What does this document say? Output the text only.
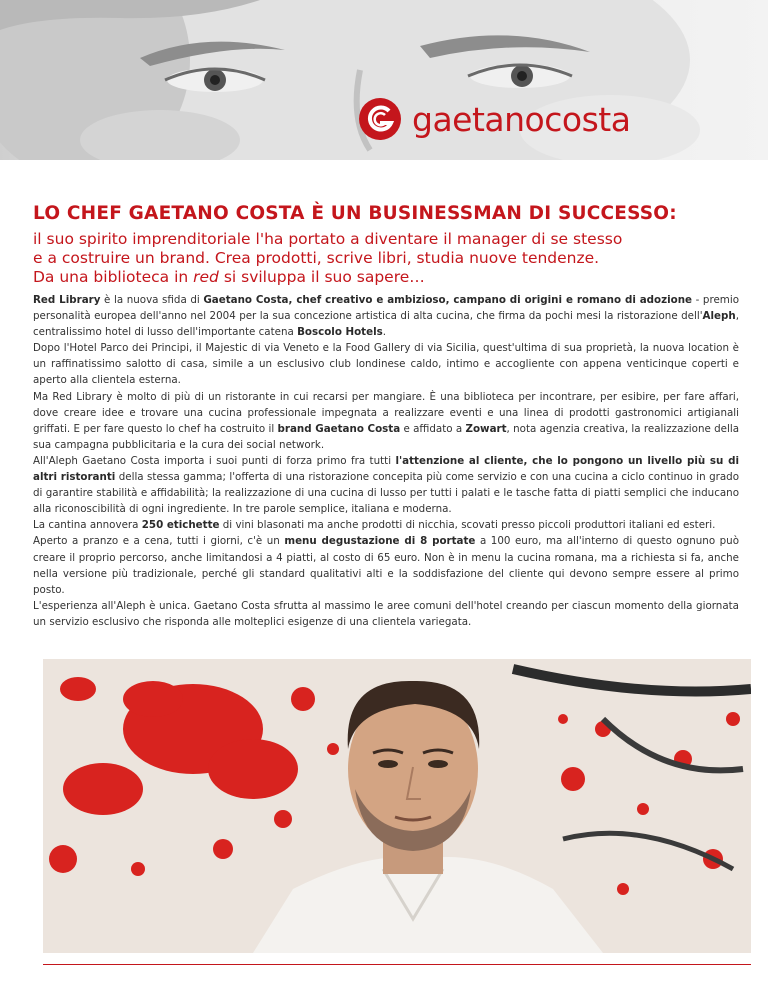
gaetanocosta
LO CHEF GAETANO COSTA È UN BUSINESSMAN DI SUCCESSO:
il suo spirito imprenditoriale l'ha portato a diventare il manager di se stesso
e a costruire un brand. Crea prodotti, scrive libri, studia nuove tendenze.
Da una biblioteca in red si sviluppa il suo sapere…

Red Library è la nuova sfida di Gaetano Costa, chef creativo e ambizioso, campano di origini e romano di adozione - premio personalità europea dell'anno nel 2004 per la sua concezione artistica di alta cucina, che firma da pochi mesi la ristorazione dell'Aleph, centralissimo hotel di lusso dell'importante catena Boscolo Hotels.

Dopo l'Hotel Parco dei Principi, il Majestic di via Veneto e la Food Gallery di via Sicilia, quest'ultima di sua proprietà, la nuova location è un raffinatissimo salotto di casa, simile a un esclusivo club londinese caldo, intimo e accogliente con appena venticinque coperti e aperto alla clientela esterna.

Ma Red Library è molto di più di un ristorante in cui recarsi per mangiare. È una biblioteca per incontrare, per esibire, per fare affari, dove creare idee e trovare una cucina professionale impegnata a realizzare eventi e una linea di prodotti gastronomici artigianali griffati. E per fare questo lo chef ha costruito il brand Gaetano Costa e affidato a Zowart, nota agenzia creativa, la realizzazione della sua campagna pubblicitaria e la cura dei social network.

All'Aleph Gaetano Costa importa i suoi punti di forza primo fra tutti l'attenzione al cliente, che lo pongono un livello più su di altri ristoranti della stessa gamma; l'offerta di una ristorazione concepita più come servizio e con una cucina a ciclo continuo in grado di garantire stabilità e affidabilità; la realizzazione di una cucina di lusso per tutti i palati e le tasche fatta di piatti semplici che inducano alla riconoscibilità di ogni ingrediente. In tre parole semplice, italiana e moderna.

La cantina annovera 250 etichette di vini blasonati ma anche prodotti di nicchia, scovati presso piccoli produttori italiani ed esteri.

Aperto a pranzo e a cena, tutti i giorni, c'è un menu degustazione di 8 portate a 100 euro, ma all'interno di questo ognuno può creare il proprio percorso, anche limitandosi a 4 piatti, al costo di 65 euro. Non è in menu la cucina romana, ma a richiesta si fa, anche nella versione più tradizionale, perché gli standard qualitativi alti e la soddisfazione del cliente qui devono sempre essere al primo posto.

L'esperienza all'Aleph è unica. Gaetano Costa sfrutta al massimo le aree comuni dell'hotel creando per ciascun momento della giornata un servizio esclusivo che risponda alle molteplici esigenze di una clientela variegata.
